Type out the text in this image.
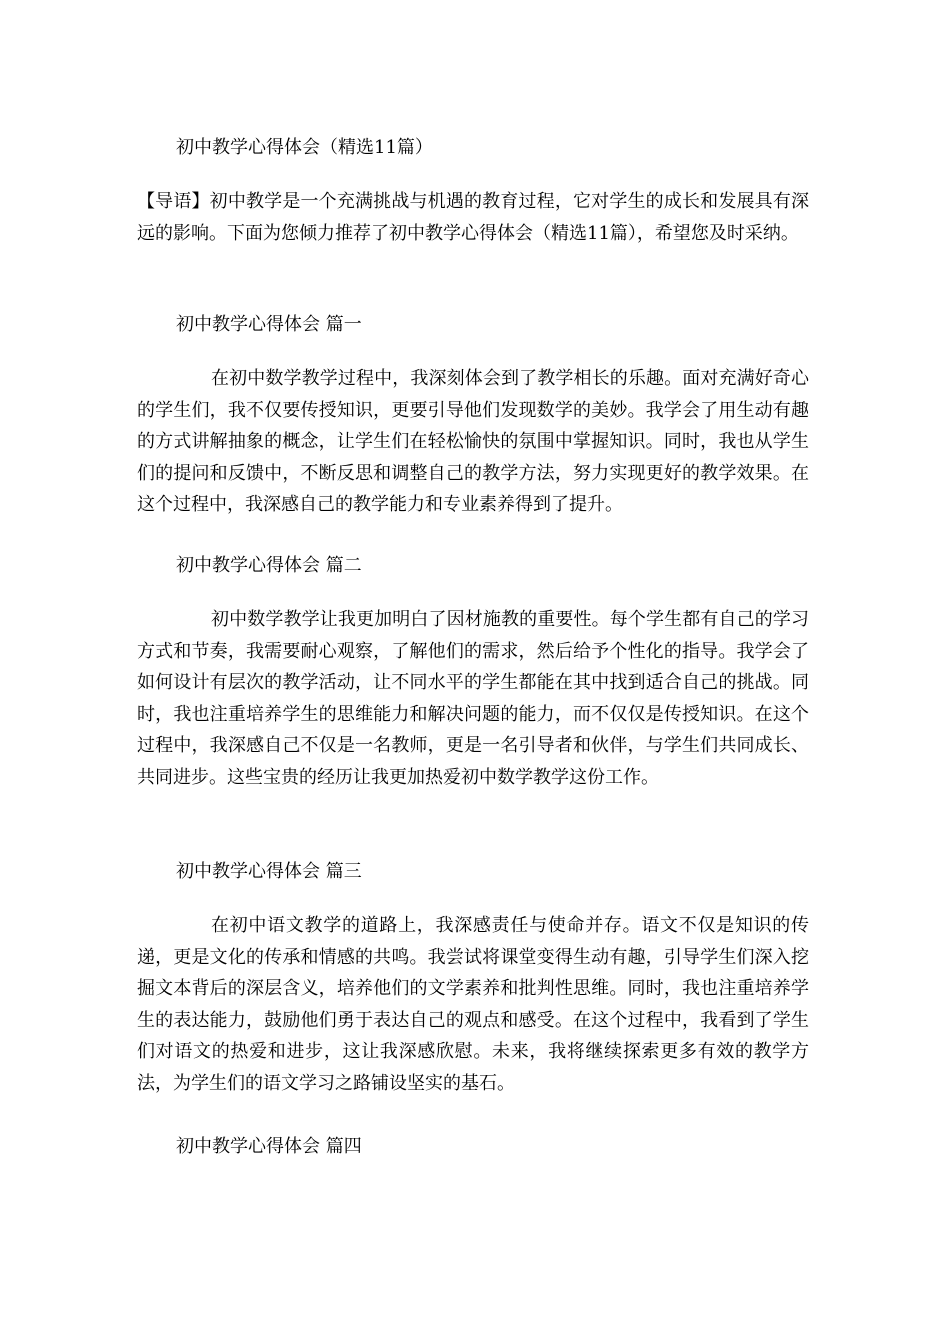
初中教学心得体会（精选11篇）

【导语】初中教学是一个充满挑战与机遇的教育过程，它对学生的成长和发展具有深远的影响。下面为您倾力推荐了初中教学心得体会（精选11篇），希望您及时采纳。

初中教学心得体会 篇一

在初中数学教学过程中，我深刻体会到了教学相长的乐趣。面对充满好奇心的学生们，我不仅要传授知识，更要引导他们发现数学的美妙。我学会了用生动有趣的方式讲解抽象的概念，让学生们在轻松愉快的氛围中掌握知识。同时，我也从学生们的提问和反馈中，不断反思和调整自己的教学方法，努力实现更好的教学效果。在这个过程中，我深感自己的教学能力和专业素养得到了提升。

初中教学心得体会 篇二

初中数学教学让我更加明白了因材施教的重要性。每个学生都有自己的学习方式和节奏，我需要耐心观察，了解他们的需求，然后给予个性化的指导。我学会了如何设计有层次的教学活动，让不同水平的学生都能在其中找到适合自己的挑战。同时，我也注重培养学生的思维能力和解决问题的能力，而不仅仅是传授知识。在这个过程中，我深感自己不仅是一名教师，更是一名引导者和伙伴，与学生们共同成长、共同进步。这些宝贵的经历让我更加热爱初中数学教学这份工作。

初中教学心得体会 篇三

在初中语文教学的道路上，我深感责任与使命并存。语文不仅是知识的传递，更是文化的传承和情感的共鸣。我尝试将课堂变得生动有趣，引导学生们深入挖掘文本背后的深层含义，培养他们的文学素养和批判性思维。同时，我也注重培养学生的表达能力，鼓励他们勇于表达自己的观点和感受。在这个过程中，我看到了学生们对语文的热爱和进步，这让我深感欣慰。未来，我将继续探索更多有效的教学方法，为学生们的语文学习之路铺设坚实的基石。

初中教学心得体会 篇四
